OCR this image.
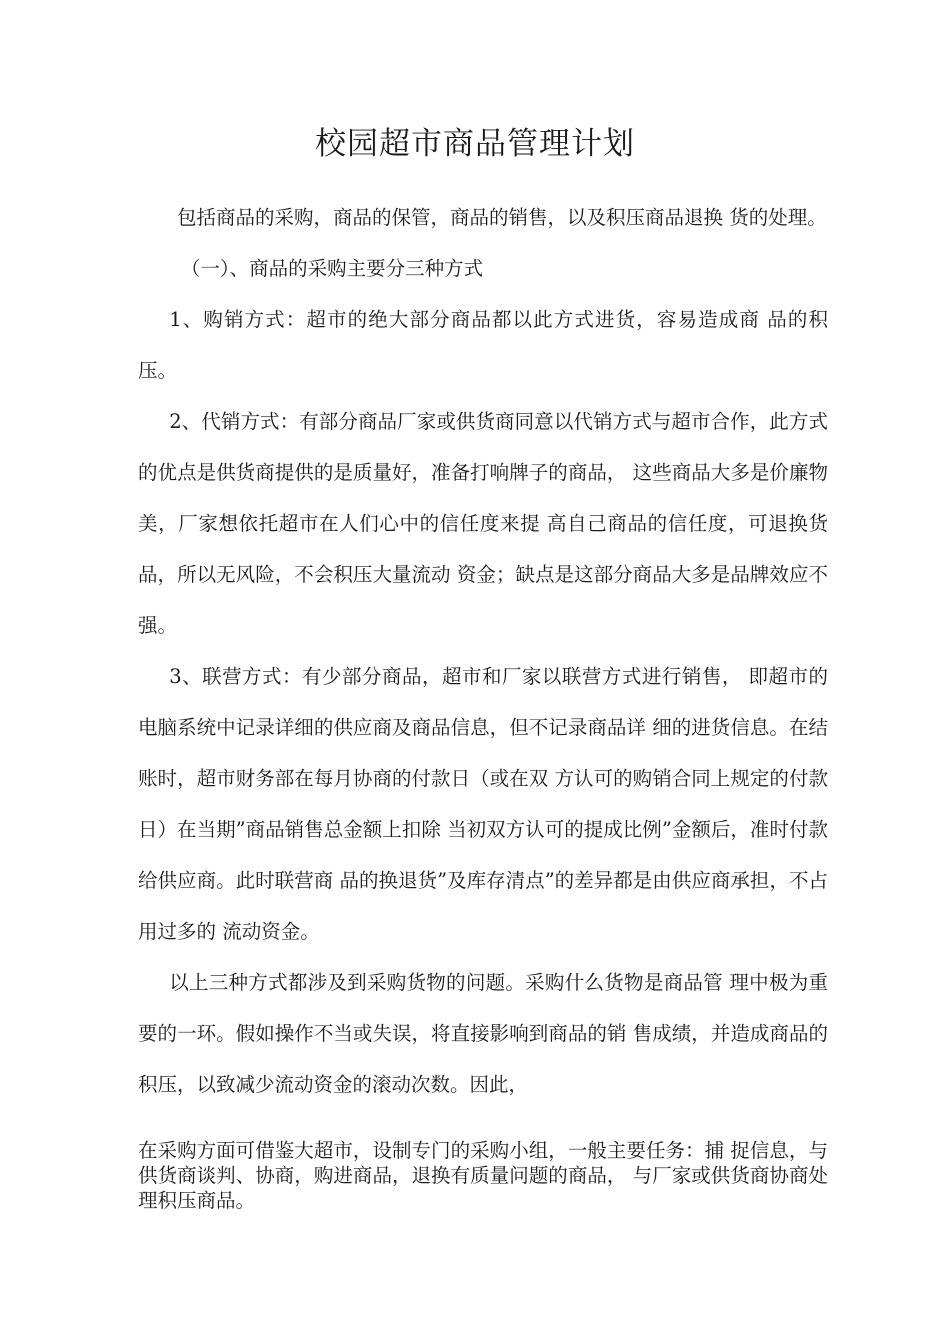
校园超市商品管理计划

包括商品的采购，商品的保管，商品的销售，以及积压商品退换 货的处理。

（一）、商品的采购主要分三种方式

1、购销方式：超市的绝大部分商品都以此方式进货，容易造成商 品的积压。

2、代销方式：有部分商品厂家或供货商同意以代销方式与超市合作，此方式的优点是供货商提供的是质量好，准备打响牌子的商品， 这些商品大多是价廉物美，厂家想依托超市在人们心中的信任度来提 高自己商品的信任度，可退换货品，所以无风险，不会积压大量流动 资金；缺点是这部分商品大多是品牌效应不强。

3、联营方式：有少部分商品，超市和厂家以联营方式进行销售， 即超市的电脑系统中记录详细的供应商及商品信息，但不记录商品详 细的进货信息。在结账时，超市财务部在每月协商的付款日（或在双 方认可的购销合同上规定的付款日）在当期”商品销售总金额上扣除 当初双方认可的提成比例”金额后，准时付款给供应商。此时联营商 品的换退货”及库存清点”的差异都是由供应商承担，不占用过多的 流动资金。

以上三种方式都涉及到采购货物的问题。采购什么货物是商品管 理中极为重要的一环。假如操作不当或失误，将直接影响到商品的销 售成绩，并造成商品的积压，以致减少流动资金的滚动次数。因此，

在采购方面可借鉴大超市，设制专门的采购小组，一般主要任务：捕 捉信息，与供货商谈判、协商，购进商品，退换有质量问题的商品， 与厂家或供货商协商处理积压商品。
